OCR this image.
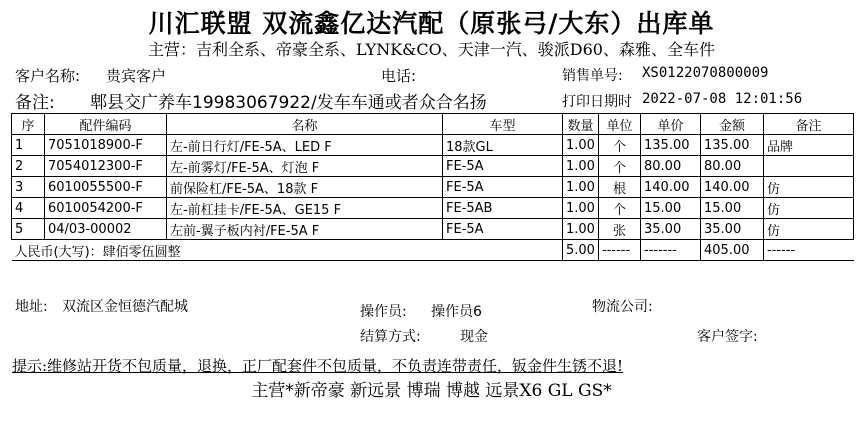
川汇联盟 双流鑫亿达汽配（原张弓/大东）出库单
主营：吉利全系、帝豪全系、LYNK&CO、天津一汽、骏派D60、森雅、全车件
客户名称: 贵宾客户	电话:	销售单号: XS0122070800009
备注: 郫县交广养车19983067922/发车车通或者众合名扬	打印日期时 2022-07-08 12:01:56
序	配件编码	名称	车型	数量	单位	单价	金额	备注
1	7051018900-F	左-前日行灯/FE-5A、LED F	18款GL	1.00	个	135.00	135.00	品牌
2	7054012300-F	左-前雾灯/FE-5A、灯泡 F	FE-5A	1.00	个	80.00	80.00	
3	6010055500-F	前保险杠/FE-5A、18款 F	FE-5A	1.00	根	140.00	140.00	仿
4	6010054200-F	左-前杠挂卡/FE-5A、GE15 F	FE-5AB	1.00	个	15.00	15.00	仿
5	04/03-00002	左前-翼子板内衬/FE-5A F	FE-5A	1.00	张	35.00	35.00	仿
人民币(大写)：肆佰零伍圆整				5.00	------	-------	405.00	------
地址: 双流区金恒德汽配城	操作员: 操作员6	物流公司:
结算方式:	现金	客户签字:
提示:维修站开货不包质量，退换，正厂配套件不包质量，不负责连带责任，钣金件生锈不退!
主营*新帝豪 新远景 博瑞 博越 远景X6 GL GS*
